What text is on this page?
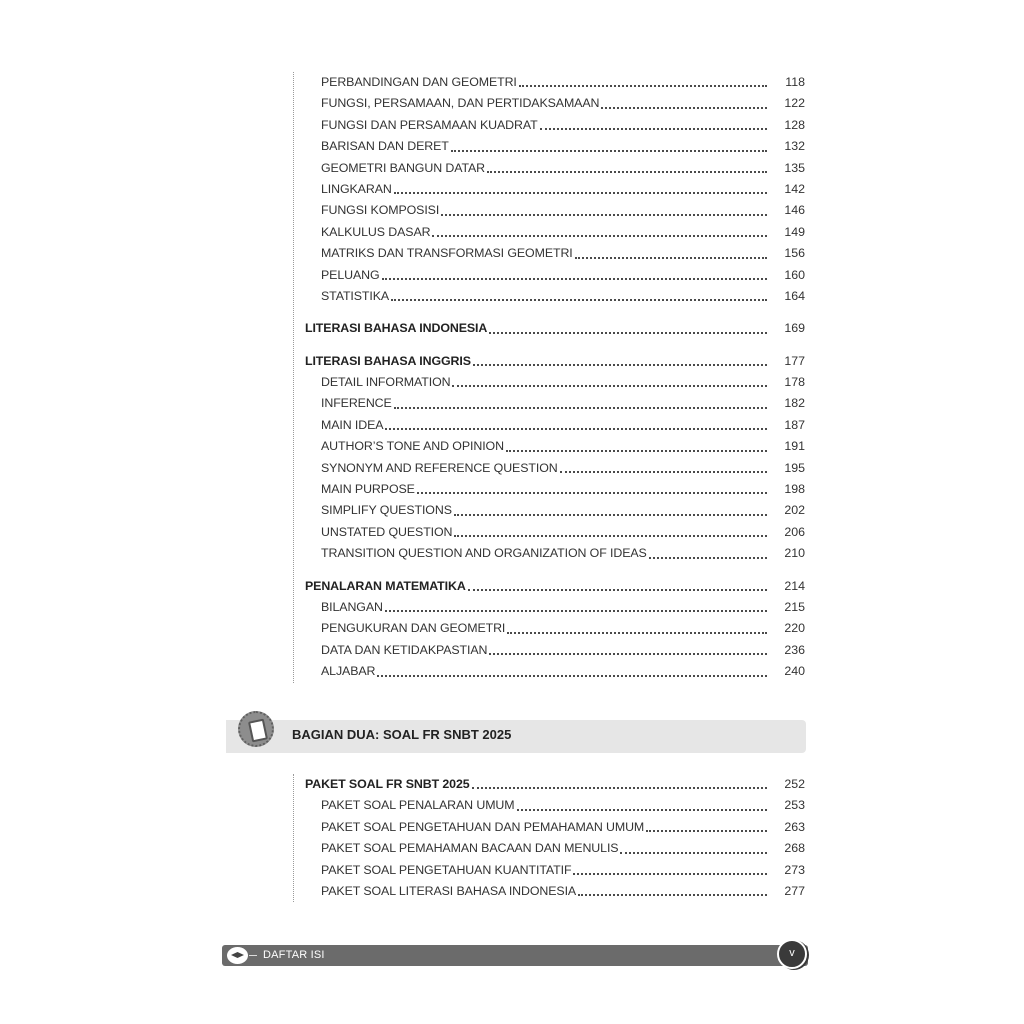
PERBANDINGAN DAN GEOMETRI	118
FUNGSI, PERSAMAAN, DAN PERTIDAKSAMAAN	122
FUNGSI DAN PERSAMAAN KUADRAT	128
BARISAN DAN DERET	132
GEOMETRI BANGUN DATAR	135
LINGKARAN	142
FUNGSI KOMPOSISI	146
KALKULUS DASAR	149
MATRIKS DAN TRANSFORMASI GEOMETRI	156
PELUANG	160
STATISTIKA	164
LITERASI BAHASA INDONESIA	169
LITERASI BAHASA INGGRIS	177
DETAIL INFORMATION	178
INFERENCE	182
MAIN IDEA	187
AUTHOR’S TONE AND OPINION	191
SYNONYM AND REFERENCE QUESTION	195
MAIN PURPOSE	198
SIMPLIFY QUESTIONS	202
UNSTATED QUESTION	206
TRANSITION QUESTION AND ORGANIZATION OF IDEAS	210
PENALARAN MATEMATIKA	214
BILANGAN	215
PENGUKURAN DAN GEOMETRI	220
DATA DAN KETIDAKPASTIAN	236
ALJABAR	240
BAGIAN DUA: SOAL FR SNBT 2025
PAKET SOAL FR SNBT 2025	252
PAKET SOAL PENALARAN UMUM	253
PAKET SOAL PENGETAHUAN DAN PEMAHAMAN UMUM	263
PAKET SOAL PEMAHAMAN BACAAN DAN MENULIS	268
PAKET SOAL PENGETAHUAN KUANTITATIF	273
PAKET SOAL LITERASI BAHASA INDONESIA	277
DAFTAR ISI	v
